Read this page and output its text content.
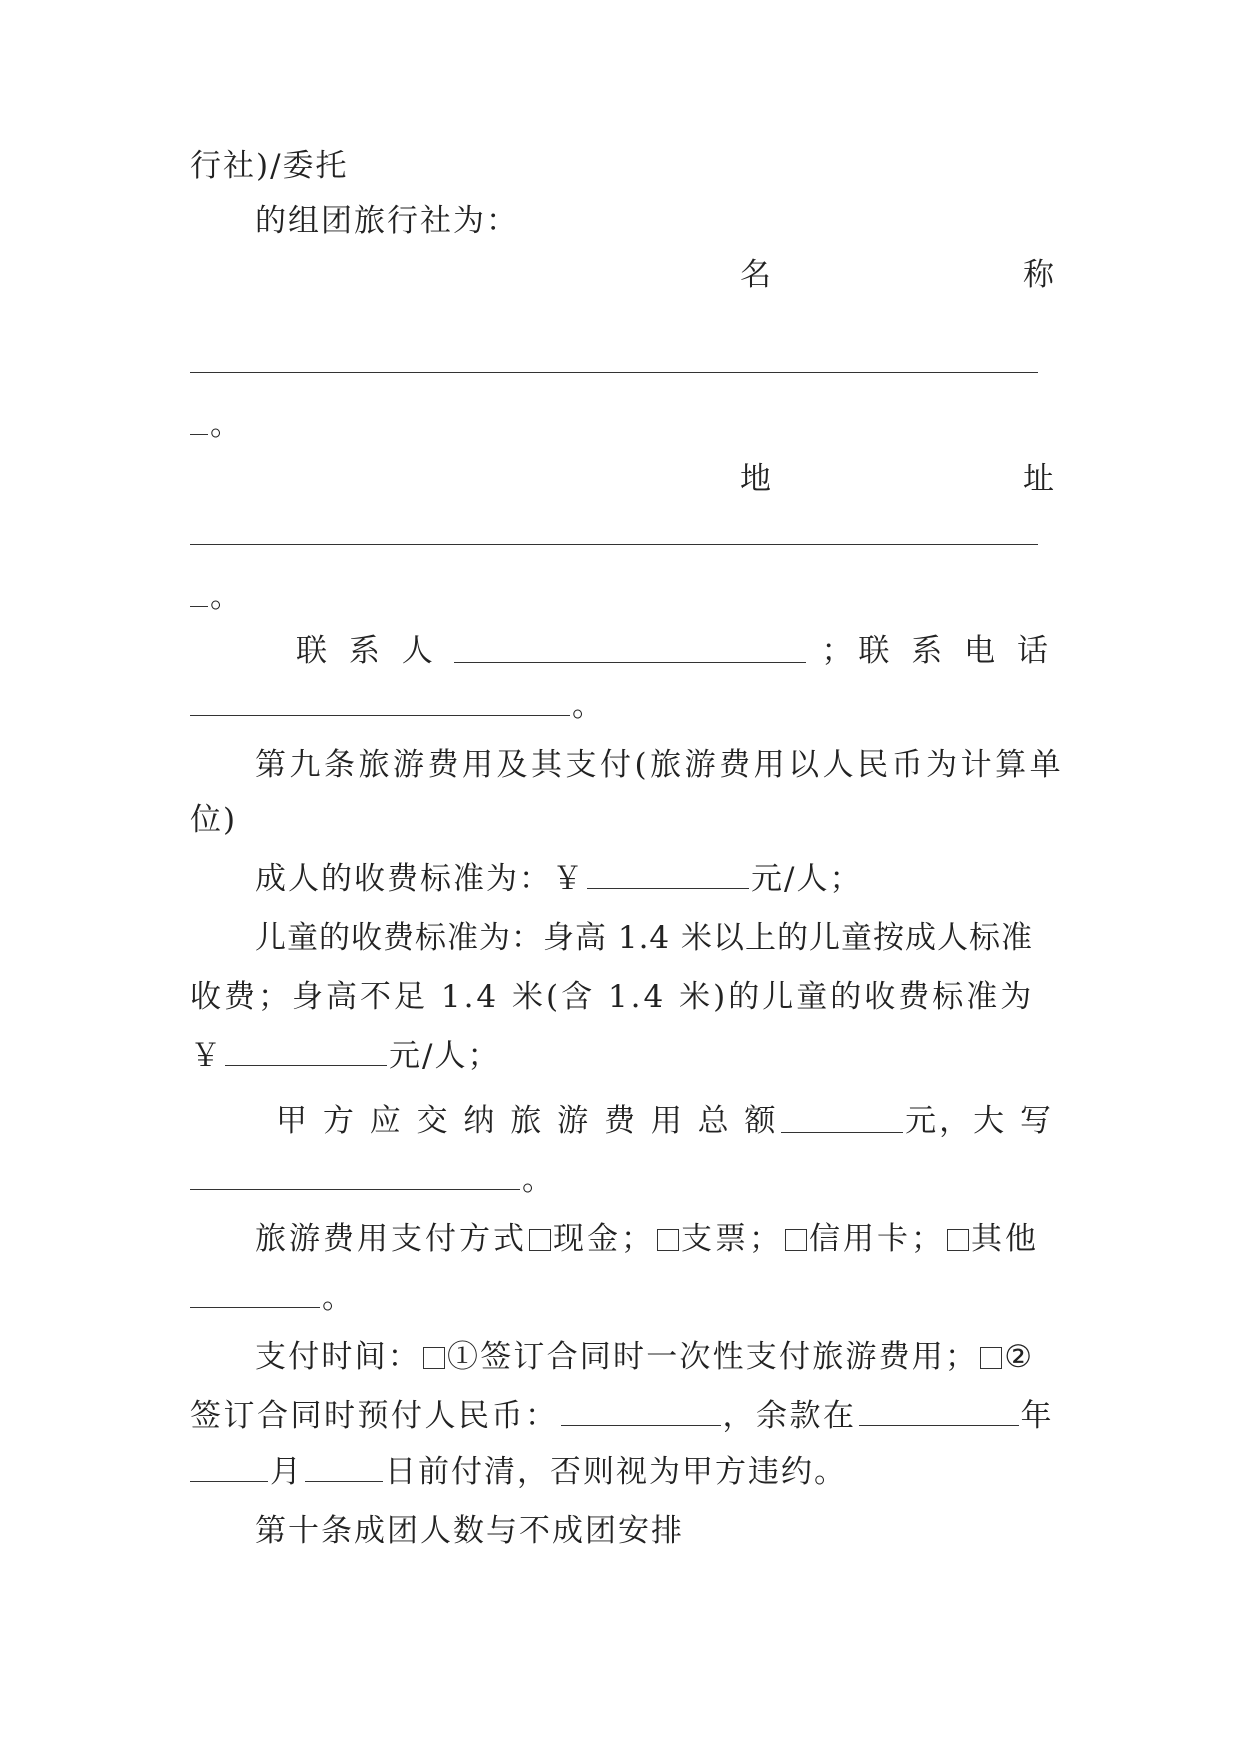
行社)/委托

的组团旅行社为：

名	称

。

地	址

。

联 系 人	；联 系 电 话

。

第九条旅游费用及其支付(旅游费用以人民币为计算单

位)

成人的收费标准为：￥	元/人；

儿童的收费标准为：身高 1.4 米以上的儿童按成人标准

收费；身高不足 1.4 米(含 1.4 米)的儿童的收费标准为

￥	元/人；

甲 方 应 交 纳 旅 游 费 用 总 额	元，大 写

。

旅游费用支付方式 现金； 支票； 信用卡； 其他

。

支付时间： ①签订合同时一次性支付旅游费用； ②

签订合同时预付人民币：	，余款在	年

月	日前付清，否则视为甲方违约。

第十条成团人数与不成团安排
